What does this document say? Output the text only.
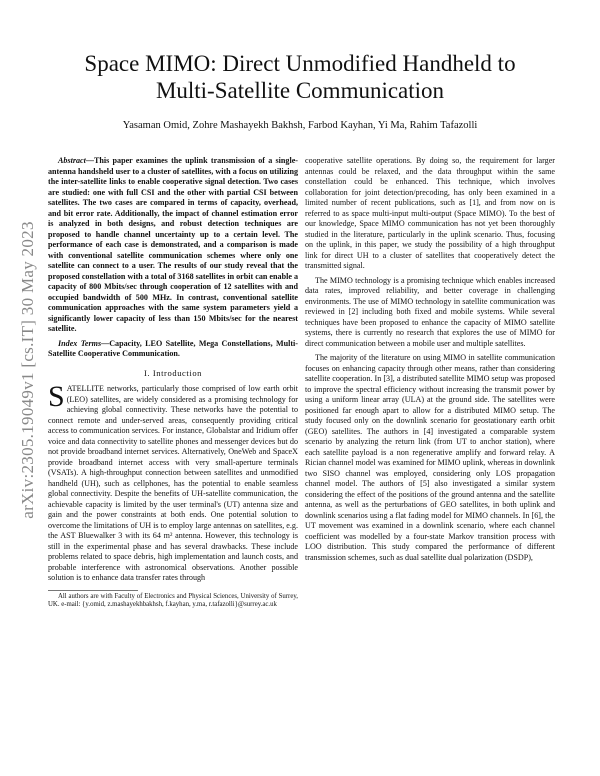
arXiv:2305.19049v1 [cs.IT] 30 May 2023
Space MIMO: Direct Unmodified Handheld to Multi-Satellite Communication
Yasaman Omid, Zohre Mashayekh Bakhsh, Farbod Kayhan, Yi Ma, Rahim Tafazolli

Abstract—This paper examines the uplink transmission of a single-antenna handsheld user to a cluster of satellites, with a focus on utilizing the inter-satellite links to enable cooperative signal detection. Two cases are studied: one with full CSI and the other with partial CSI between satellites. The two cases are compared in terms of capacity, overhead, and bit error rate. Additionally, the impact of channel estimation error is analyzed in both designs, and robust detection techniques are proposed to handle channel uncertainty up to a certain level. The performance of each case is demonstrated, and a comparison is made with conventional satellite communication schemes where only one satellite can connect to a user. The results of our study reveal that the proposed constellation with a total of 3168 satellites in orbit can enable a capacity of 800 Mbits/sec through cooperation of 12 satellites with and occupied bandwidth of 500 MHz. In contrast, conventional satellite communication approaches with the same system parameters yield a significantly lower capacity of less than 150 Mbits/sec for the nearest satellite.

Index Terms—Capacity, LEO Satellite, Mega Constellations, Multi-Satellite Cooperative Communication.

I. Introduction

SATELLITE networks, particularly those comprised of low earth orbit (LEO) satellites, are widely considered as a promising technology for achieving global connectivity. These networks have the potential to connect remote and under-served areas, consequently providing critical access to communication services. For instance, Globalstar and Iridium offer voice and data connectivity to satellite phones and messenger devices but do not provide broadband internet services. Alternatively, OneWeb and SpaceX provide broadband internet access with very small-aperture terminals (VSATs). A high-throughput connection between satellites and unmodified handheld (UH), such as cellphones, has the potential to enable seamless global connectivity. Despite the benefits of UH-satellite communication, the achievable capacity is limited by the user terminal's (UT) antenna size and gain and the power constraints at both ends. One potential solution to overcome the limitations of UH is to employ large antennas on satellites, e.g. the AST Bluewalker 3 with its 64 m² antenna. However, this technology is still in the experimental phase and has several drawbacks. These include problems related to space debris, high implementation and launch costs, and probable interference with astronomical observations. Another possible solution is to enhance data transfer rates through

All authors are with Faculty of Electronics and Physical Sciences, University of Surrey, UK. e-mail: {y.omid, z.mashayekhbakhsh, f.kayhan, y.ma, r.tafazolli}@surrey.ac.uk

cooperative satellite operations. By doing so, the requirement for larger antennas could be relaxed, and the data throughput within the same constellation could be enhanced. This technique, which involves collaboration for joint detection/precoding, has only been examined in a limited number of recent publications, such as [1], and from now on is referred to as space multi-input multi-output (Space MIMO). To the best of our knowledge, Space MIMO communication has not yet been thoroughly studied in the literature, particularly in the uplink scenario. Thus, focusing on the uplink, in this paper, we study the possibility of a high throughput link for direct UH to a cluster of satellites that cooperatively detect the transmitted signal.

The MIMO technology is a promising technique which enables increased data rates, improved reliability, and better coverage in challenging environments. The use of MIMO technology in satellite communication was reviewed in [2] including both fixed and mobile systems. While several techniques have been proposed to enhance the capacity of MIMO satellite systems, there is currently no research that explores the use of MIMO for direct communication between a mobile user and multiple satellites.

The majority of the literature on using MIMO in satellite communication focuses on enhancing capacity through other means, rather than considering satellite cooperation. In [3], a distributed satellite MIMO setup was proposed to improve the spectral efficiency without increasing the transmit power by using a uniform linear array (ULA) at the ground side. The satellites were positioned far enough apart to allow for a distributed MIMO setup. The study focused only on the downlink scenario for geostationary earth orbit (GEO) satellites. The authors in [4] investigated a comparable system scenario by analyzing the return link (from UT to anchor station), where each satellite payload is a non regenerative amplify and forward relay. A Rician channel model was examined for MIMO uplink, whereas in downlink two SISO channel was employed, considering only LOS propagation channel model. The authors of [5] also investigated a similar system considering the effect of the positions of the ground antenna and the satellite antenna, as well as the perturbations of GEO satellites, in both uplink and downlink scenarios using a flat fading model for MIMO channels. In [6], the UT movement was examined in a downlink scenario, where each channel coefficient was modelled by a four-state Markov transition process with LOO distribution. This study compared the performance of different transmission schemes, such as dual satellite dual polarization (DSDP),
